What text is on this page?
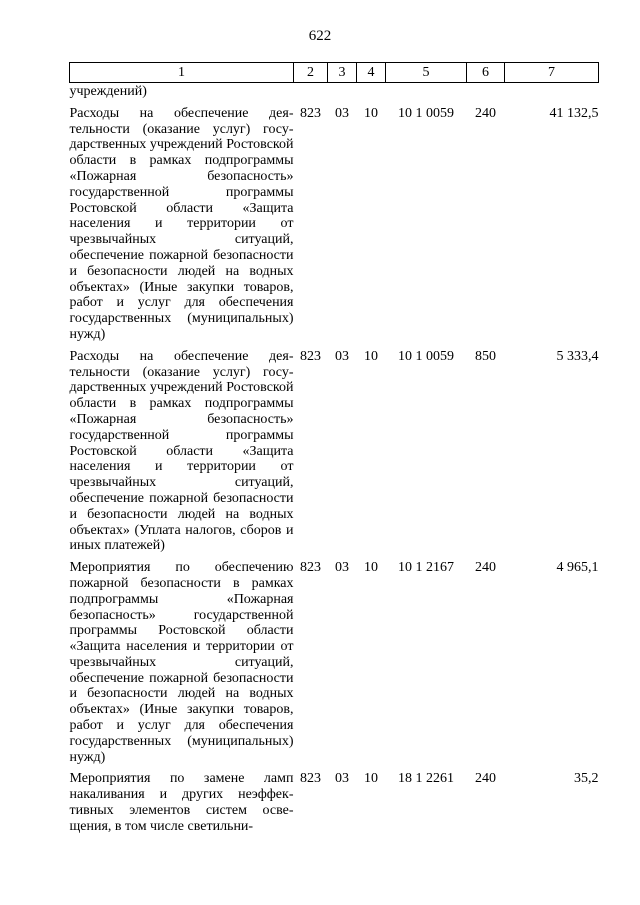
622
1	2	3	4	5	6	7
учреждений)						
Расходы на обеспечение деятельности (оказание услуг) государственных учреждений Ростовской области в рамках подпрограммы «Пожарная безопасность» государственной программы Ростовской области «Защита населения и территории от чрезвычайных ситуаций, обеспечение пожарной безопасности и безопасности людей на водных объектах» (Иные закупки товаров, работ и услуг для обеспечения государственных (муниципальных) нужд)	823	03	10	10 1 0059	240	41 132,5
Расходы на обеспечение деятельности (оказание услуг) государственных учреждений Ростовской области в рамках подпрограммы «Пожарная безопасность» государственной программы Ростовской области «Защита населения и территории от чрезвычайных ситуаций, обеспечение пожарной безопасности и безопасности людей на водных объектах» (Уплата налогов, сборов и иных платежей)	823	03	10	10 1 0059	850	5 333,4
Мероприятия по обеспечению пожарной безопасности в рамках подпрограммы «Пожарная безопасность» государственной программы Ростовской области «Защита населения и территории от чрезвычайных ситуаций, обеспечение пожарной безопасности и безопасности людей на водных объектах» (Иные закупки товаров, работ и услуг для обеспечения государственных (муниципальных) нужд)	823	03	10	10 1 2167	240	4 965,1
Мероприятия по замене ламп накаливания и других неэффективных элементов систем освещения, в том числе светильни-	823	03	10	18 1 2261	240	35,2
